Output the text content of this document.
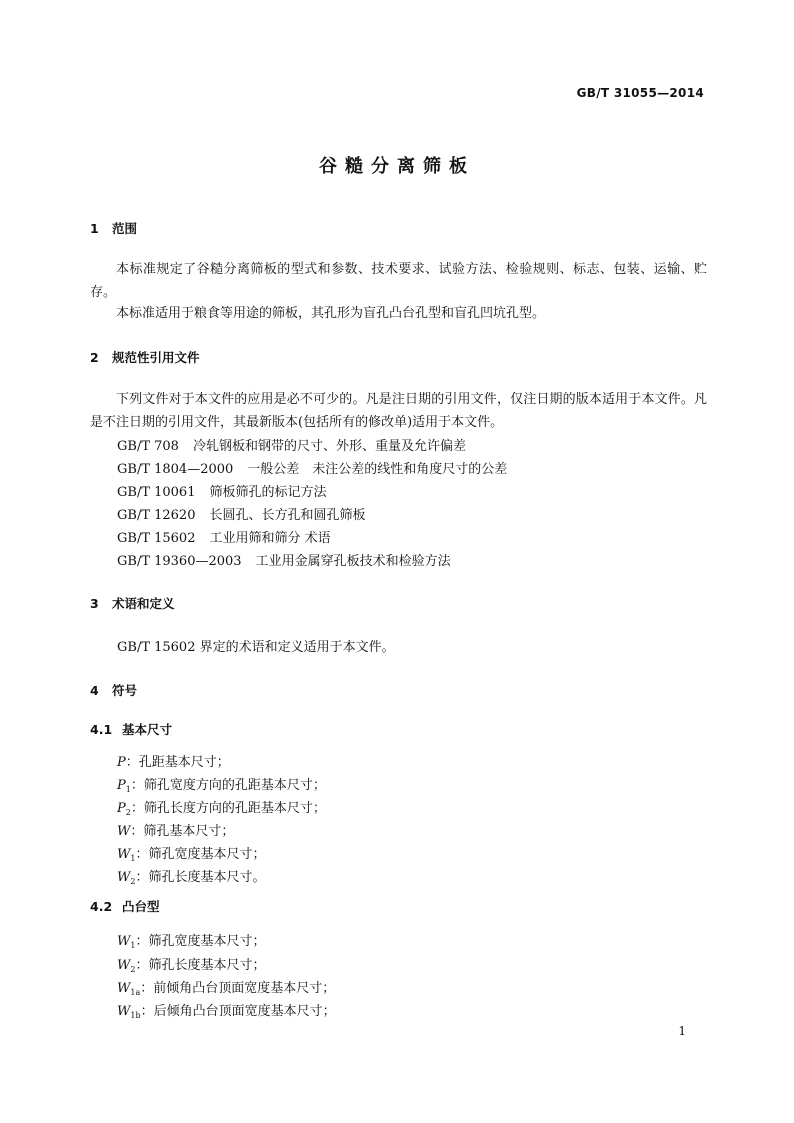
GB/T 31055—2014
谷糙分离筛板
1 范围
本标准规定了谷糙分离筛板的型式和参数、技术要求、试验方法、检验规则、标志、包装、运输、贮存。
本标准适用于粮食等用途的筛板，其孔形为盲孔凸台孔型和盲孔凹坑孔型。
2 规范性引用文件
下列文件对于本文件的应用是必不可少的。凡是注日期的引用文件，仅注日期的版本适用于本文件。凡是不注日期的引用文件，其最新版本(包括所有的修改单)适用于本文件。
GB/T 708 冷轧钢板和钢带的尺寸、外形、重量及允许偏差
GB/T 1804—2000 一般公差　未注公差的线性和角度尺寸的公差
GB/T 10061 筛板筛孔的标记方法
GB/T 12620 长圆孔、长方孔和圆孔筛板
GB/T 15602 工业用筛和筛分 术语
GB/T 19360—2003 工业用金属穿孔板技术和检验方法
3 术语和定义
GB/T 15602 界定的术语和定义适用于本文件。
4 符号
4.1 基本尺寸
P：孔距基本尺寸；
$P_1$：筛孔宽度方向的孔距基本尺寸；
$P_2$：筛孔长度方向的孔距基本尺寸；
W：筛孔基本尺寸；
$W_1$：筛孔宽度基本尺寸；
$W_2$：筛孔长度基本尺寸。
4.2 凸台型
$W_1$：筛孔宽度基本尺寸；
$W_2$：筛孔长度基本尺寸；
$W_{1a}$：前倾角凸台顶面宽度基本尺寸；
$W_{1b}$：后倾角凸台顶面宽度基本尺寸；
1
